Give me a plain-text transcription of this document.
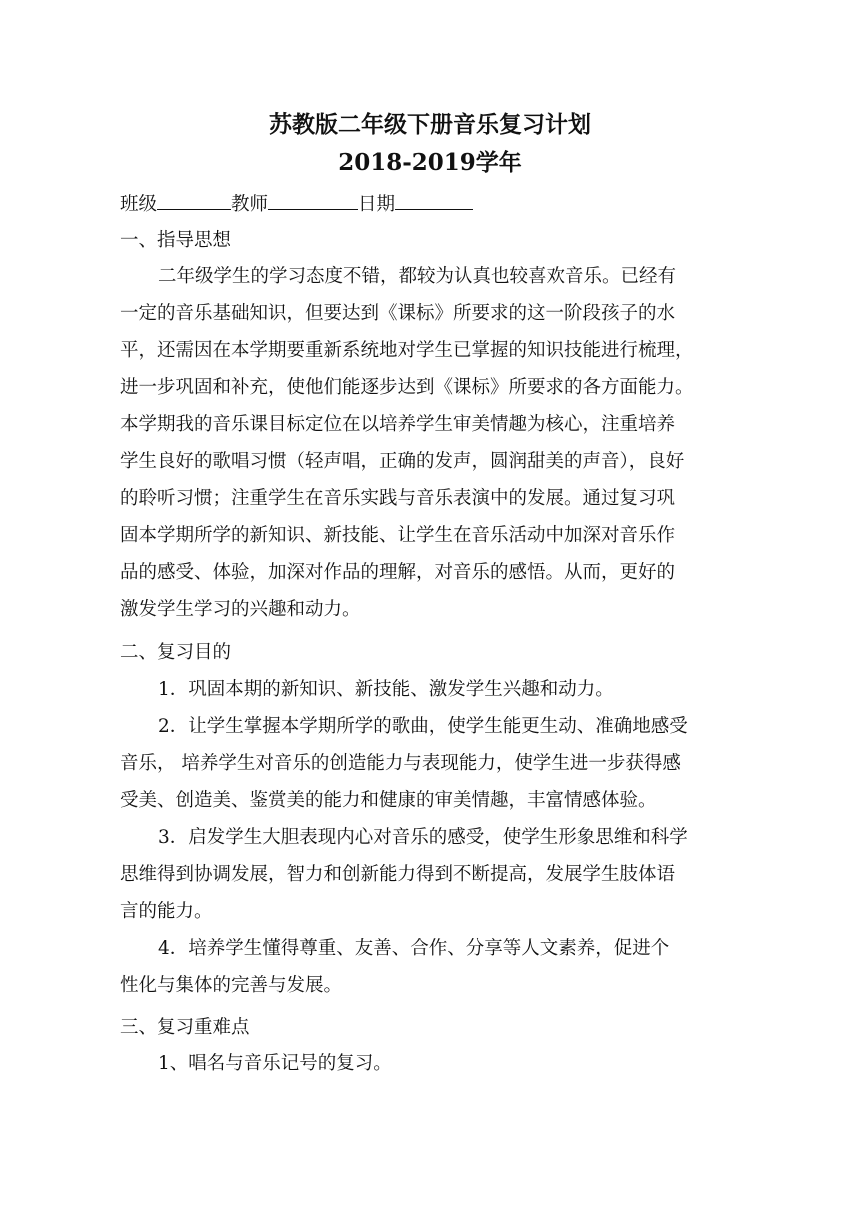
苏教版二年级下册音乐复习计划
2018-2019学年
班级	教师	日期
一、指导思想
二年级学生的学习态度不错，都较为认真也较喜欢音乐。已经有
一定的音乐基础知识，但要达到《课标》所要求的这一阶段孩子的水
平，还需因在本学期要重新系统地对学生已掌握的知识技能进行梳理，
进一步巩固和补充，使他们能逐步达到《课标》所要求的各方面能力。
本学期我的音乐课目标定位在以培养学生审美情趣为核心，注重培养
学生良好的歌唱习惯（轻声唱，正确的发声，圆润甜美的声音），良好
的聆听习惯；注重学生在音乐实践与音乐表演中的发展。通过复习巩
固本学期所学的新知识、新技能、让学生在音乐活动中加深对音乐作
品的感受、体验，加深对作品的理解，对音乐的感悟。从而，更好的
激发学生学习的兴趣和动力。
二、复习目的
1．巩固本期的新知识、新技能、激发学生兴趣和动力。
2．让学生掌握本学期所学的歌曲，使学生能更生动、准确地感受
音乐， 培养学生对音乐的创造能力与表现能力，使学生进一步获得感
受美、创造美、鉴赏美的能力和健康的审美情趣，丰富情感体验。
3．启发学生大胆表现内心对音乐的感受，使学生形象思维和科学
思维得到协调发展，智力和创新能力得到不断提高，发展学生肢体语
言的能力。
4．培养学生懂得尊重、友善、合作、分享等人文素养，促进个
性化与集体的完善与发展。
三、复习重难点
1、唱名与音乐记号的复习。
